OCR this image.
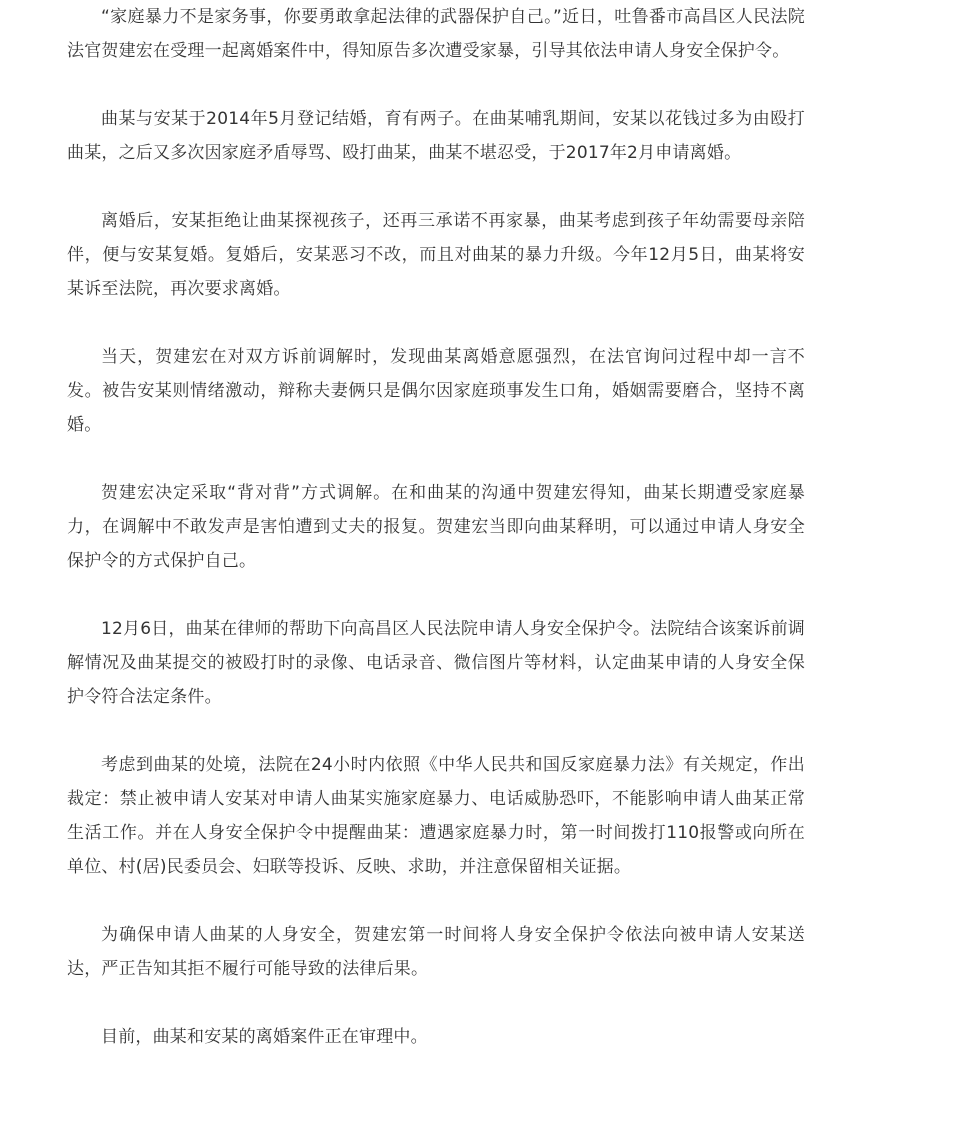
“家庭暴力不是家务事，你要勇敢拿起法律的武器保护自己。”近日，吐鲁番市高昌区人民法院法官贺建宏在受理一起离婚案件中，得知原告多次遭受家暴，引导其依法申请人身安全保护令。

曲某与安某于2014年5月登记结婚，育有两子。在曲某哺乳期间，安某以花钱过多为由殴打曲某，之后又多次因家庭矛盾辱骂、殴打曲某，曲某不堪忍受，于2017年2月申请离婚。

离婚后，安某拒绝让曲某探视孩子，还再三承诺不再家暴，曲某考虑到孩子年幼需要母亲陪伴，便与安某复婚。复婚后，安某恶习不改，而且对曲某的暴力升级。今年12月5日，曲某将安某诉至法院，再次要求离婚。

当天，贺建宏在对双方诉前调解时，发现曲某离婚意愿强烈，在法官询问过程中却一言不发。被告安某则情绪激动，辩称夫妻俩只是偶尔因家庭琐事发生口角，婚姻需要磨合，坚持不离婚。

贺建宏决定采取“背对背”方式调解。在和曲某的沟通中贺建宏得知，曲某长期遭受家庭暴力，在调解中不敢发声是害怕遭到丈夫的报复。贺建宏当即向曲某释明，可以通过申请人身安全保护令的方式保护自己。

12月6日，曲某在律师的帮助下向高昌区人民法院申请人身安全保护令。法院结合该案诉前调解情况及曲某提交的被殴打时的录像、电话录音、微信图片等材料，认定曲某申请的人身安全保护令符合法定条件。

考虑到曲某的处境，法院在24小时内依照《中华人民共和国反家庭暴力法》有关规定，作出裁定：禁止被申请人安某对申请人曲某实施家庭暴力、电话威胁恐吓，不能影响申请人曲某正常生活工作。并在人身安全保护令中提醒曲某：遭遇家庭暴力时，第一时间拨打110报警或向所在单位、村(居)民委员会、妇联等投诉、反映、求助，并注意保留相关证据。

为确保申请人曲某的人身安全，贺建宏第一时间将人身安全保护令依法向被申请人安某送达，严正告知其拒不履行可能导致的法律后果。

目前，曲某和安某的离婚案件正在审理中。
